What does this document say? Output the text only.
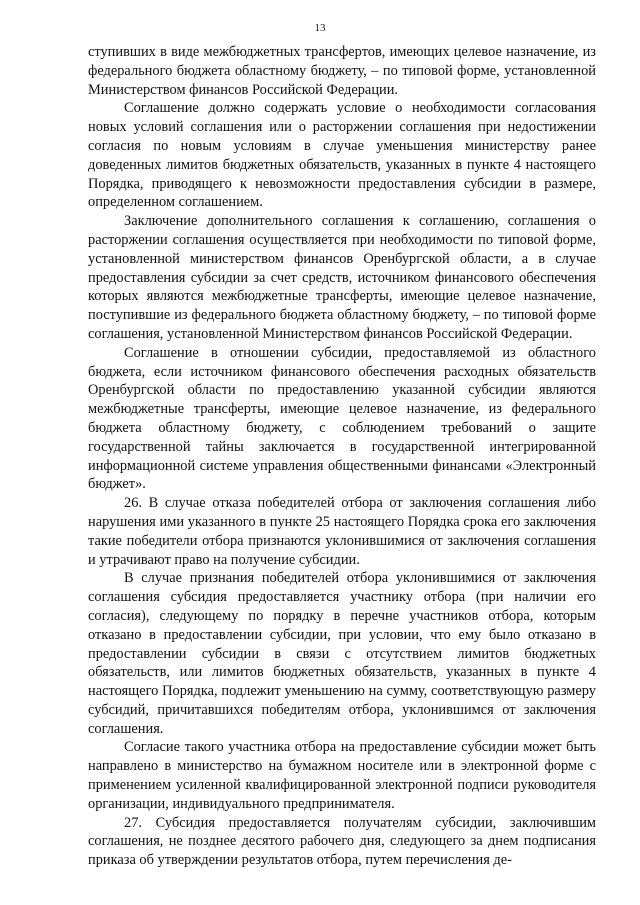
13

ступивших в виде межбюджетных трансфертов, имеющих целевое назначение, из федерального бюджета областному бюджету, – по типовой форме, установленной Министерством финансов Российской Федерации.

Соглашение должно содержать условие о необходимости согласования новых условий соглашения или о расторжении соглашения при недостижении согласия по новым условиям в случае уменьшения министерству ранее доведенных лимитов бюджетных обязательств, указанных в пункте 4 настоящего Порядка, приводящего к невозможности предоставления субсидии в размере, определенном соглашением.

Заключение дополнительного соглашения к соглашению, соглашения о расторжении соглашения осуществляется при необходимости по типовой форме, установленной министерством финансов Оренбургской области, а в случае предоставления субсидии за счет средств, источником финансового обеспечения которых являются межбюджетные трансферты, имеющие целевое назначение, поступившие из федерального бюджета областному бюджету, – по типовой форме соглашения, установленной Министерством финансов Российской Федерации.

Соглашение в отношении субсидии, предоставляемой из областного бюджета, если источником финансового обеспечения расходных обязательств Оренбургской области по предоставлению указанной субсидии являются межбюджетные трансферты, имеющие целевое назначение, из федерального бюджета областному бюджету, с соблюдением требований о защите государственной тайны заключается в государственной интегрированной информационной системе управления общественными финансами «Электронный бюджет».

26. В случае отказа победителей отбора от заключения соглашения либо нарушения ими указанного в пункте 25 настоящего Порядка срока его заключения такие победители отбора признаются уклонившимися от заключения соглашения и утрачивают право на получение субсидии.

В случае признания победителей отбора уклонившимися от заключения соглашения субсидия предоставляется участнику отбора (при наличии его согласия), следующему по порядку в перечне участников отбора, которым отказано в предоставлении субсидии, при условии, что ему было отказано в предоставлении субсидии в связи с отсутствием лимитов бюджетных обязательств, или лимитов бюджетных обязательств, указанных в пункте 4 настоящего Порядка, подлежит уменьшению на сумму, соответствующую размеру субсидий, причитавшихся победителям отбора, уклонившимся от заключения соглашения.

Согласие такого участника отбора на предоставление субсидии может быть направлено в министерство на бумажном носителе или в электронной форме с применением усиленной квалифицированной электронной подписи руководителя организации, индивидуального предпринимателя.

27. Субсидия предоставляется получателям субсидии, заключившим соглашения, не позднее десятого рабочего дня, следующего за днем подписания приказа об утверждении результатов отбора, путем перечисления де-
